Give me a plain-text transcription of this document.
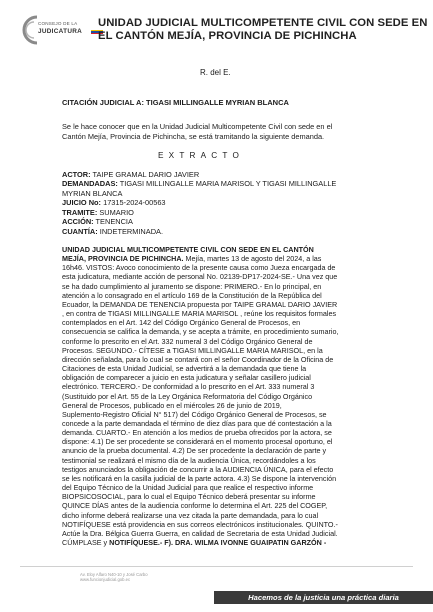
CONSEJO DE LA
JUDICATURA
UNIDAD JUDICIAL MULTICOMPETENTE CIVIL CON SEDE EN
EL CANTÓN MEJÍA, PROVINCIA DE PICHINCHA
R. del E.
CITACIÓN JUDICIAL A: TIGASI MILLINGALLE MYRIAN BLANCA
Se le hace conocer que en la Unidad Judicial Multicompetente Civil con sede en el
Cantón Mejía, Provincia de Pichincha, se está tramitando la siguiente demanda.
EXTRACTO
ACTOR: TAIPE GRAMAL DARIO JAVIER
DEMANDADAS: TIGASI MILLINGALLE MARIA MARISOL Y TIGASI MILLINGALLE
MYRIAN BLANCA
JUICIO No: 17315-2024-00563
TRAMITE: SUMARIO
ACCIÓN: TENENCIA
CUANTÍA: INDETERMINADA.
UNIDAD JUDICIAL MULTICOMPETENTE CIVIL CON SEDE EN EL CANTÓN
MEJÍA, PROVINCIA DE PICHINCHA. Mejía, martes 13 de agosto del 2024, a las
16h46. VISTOS: Avoco conocimiento de la presente causa como Jueza encargada de
esta judicatura, mediante acción de personal No. 02139-DP17-2024-SE.- Una vez que
se ha dado cumplimiento al juramento se dispone: PRIMERO.- En lo principal, en
atención a lo consagrado en el artículo 169 de la Constitución de la República del
Ecuador, la DEMANDA DE TENENCIA propuesta por TAIPE GRAMAL DARIO JAVIER
, en contra de TIGASI MILLINGALLE MARIA MARISOL , reúne los requisitos formales
contemplados en el Art. 142 del Código Orgánico General de Procesos, en
consecuencia se califica la demanda, y se acepta a trámite, en procedimiento sumario,
conforme lo prescrito en el Art. 332 numeral 3 del Código Orgánico General de
Procesos. SEGUNDO.- CÍTESE a TIGASI MILLINGALLE MARIA MARISOL, en la
dirección señalada, para lo cual se contará con el señor Coordinador de la Oficina de
Citaciones de esta Unidad Judicial, se advertirá a la demandada que tiene la
obligación de comparecer a juicio en esta judicatura y señalar casillero judicial
electrónico. TERCERO.- De conformidad a lo prescrito en el Art. 333 numeral 3
(Sustituido por el Art. 55 de la Ley Orgánica Reformatoria del Código Orgánico
General de Procesos, publicado en el miércoles 26 de junio de 2019,
Suplemento-Registro Oficial N° 517) del Código Orgánico General de Procesos, se
concede a la parte demandada el término de diez días para que dé contestación a la
demanda. CUARTO.- En atención a los medios de prueba ofrecidos por la actora, se
dispone: 4.1) De ser procedente se considerará en el momento procesal oportuno, el
anuncio de la prueba documental. 4.2) De ser procedente la declaración de parte y
testimonial se realizará el mismo día de la audiencia Única, recordándoles a los
testigos anunciados la obligación de concurrir a la AUDIENCIA ÚNICA, para el efecto
se les notificará en la casilla judicial de la parte actora. 4.3) Se dispone la intervención
del Equipo Técnico de la Unidad Judicial para que realice el respectivo informe
BIOPSICOSOCIAL, para lo cual el Equipo Técnico deberá presentar su informe
QUINCE DÍAS antes de la audiencia conforme lo determina el Art. 225 del COGEP,
dicho informe deberá realizarse una vez citada la parte demandada, para lo cual
NOTIFÍQUESE está providencia en sus correos electrónicos institucionales. QUINTO.-
Actúe la Dra. Bélgica Guerra Guerra, en calidad de Secretaria de esta Unidad Judicial.
CÚMPLASE y NOTIFÍQUESE.- F). DRA. WILMA IVONNE GUAIPATIN GARZÓN -
Av. Eloy Alfaro N40-10 y José Carbo
www.funcionjudicial.gob.ec
Hacemos de la justicia una práctica diaria
